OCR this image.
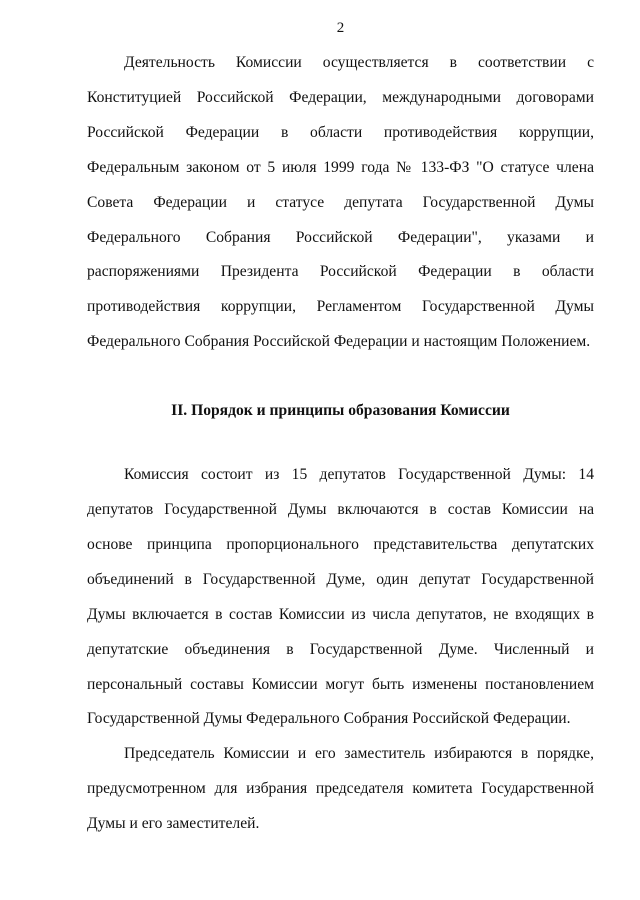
2

Деятельность Комиссии осуществляется в соответствии с Конституцией Российской Федерации, международными договорами Российской Федерации в области противодействия коррупции, Федеральным законом от 5 июля 1999 года № 133-ФЗ "О статусе члена Совета Федерации и статусе депутата Государственной Думы Федерального Собрания Российской Федерации", указами и распоряжениями Президента Российской Федерации в области противодействия коррупции, Регламентом Государственной Думы Федерального Собрания Российской Федерации и настоящим Положением.

II. Порядок и принципы образования Комиссии

Комиссия состоит из 15 депутатов Государственной Думы: 14 депутатов Государственной Думы включаются в состав Комиссии на основе принципа пропорционального представительства депутатских объединений в Государственной Думе, один депутат Государственной Думы включается в состав Комиссии из числа депутатов, не входящих в депутатские объединения в Государственной Думе. Численный и персональный составы Комиссии могут быть изменены постановлением Государственной Думы Федерального Собрания Российской Федерации.

Председатель Комиссии и его заместитель избираются в порядке, предусмотренном для избрания председателя комитета Государственной Думы и его заместителей.
